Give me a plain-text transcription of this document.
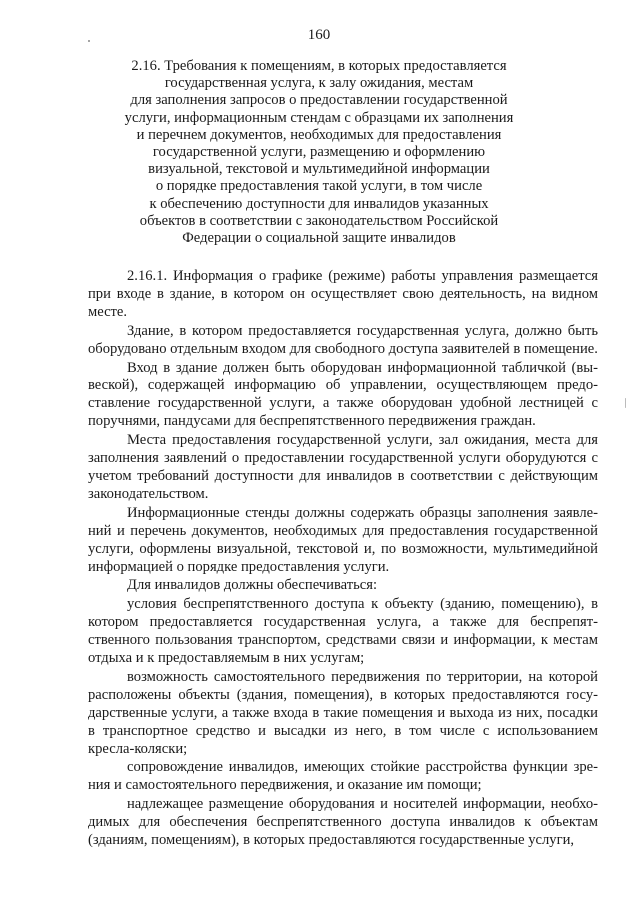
160
2.16. Требования к помещениям, в которых предоставляется
государственная услуга, к залу ожидания, местам
для заполнения запросов о предоставлении государственной
услуги, информационным стендам с образцами их заполнения
и перечнем документов, необходимых для предоставления
государственной услуги, размещению и оформлению
визуальной, текстовой и мультимедийной информации
о порядке предоставления такой услуги, в том числе
к обеспечению доступности для инвалидов указанных
объектов в соответствии с законодательством Российской
Федерации о социальной защите инвалидов

2.16.1. Информация о графике (режиме) работы управления размещается при входе в здание, в котором он осуществляет свою деятельность, на видном месте.

Здание, в котором предоставляется государственная услуга, должно быть оборудовано отдельным входом для свободного доступа заявителей в помещение.

Вход в здание должен быть оборудован информационной табличкой (вывеской), содержащей информацию об управлении, осуществляющем предоставление государственной услуги, а также оборудован удобной лестницей с поручнями, пандусами для беспрепятственного передвижения граждан.

Места предоставления государственной услуги, зал ожидания, места для заполнения заявлений о предоставлении государственной услуги оборудуются с учетом требований доступности для инвалидов в соответствии с действующим законодательством.

Информационные стенды должны содержать образцы заполнения заявлений и перечень документов, необходимых для предоставления государственной услуги, оформлены визуальной, текстовой и, по возможности, мультимедийной информацией о порядке предоставления услуги.

Для инвалидов должны обеспечиваться:

условия беспрепятственного доступа к объекту (зданию, помещению), в котором предоставляется государственная услуга, а также для беспрепятственного пользования транспортом, средствами связи и информации, к местам отдыха и к предоставляемым в них услугам;

возможность самостоятельного передвижения по территории, на которой расположены объекты (здания, помещения), в которых предоставляются государственные услуги, а также входа в такие помещения и выхода из них, посадки в транспортное средство и высадки из него, в том числе с использованием кресла-коляски;

сопровождение инвалидов, имеющих стойкие расстройства функции зрения и самостоятельного передвижения, и оказание им помощи;

надлежащее размещение оборудования и носителей информации, необходимых для обеспечения беспрепятственного доступа инвалидов к объектам (зданиям, помещениям), в которых предоставляются государственные услуги,
